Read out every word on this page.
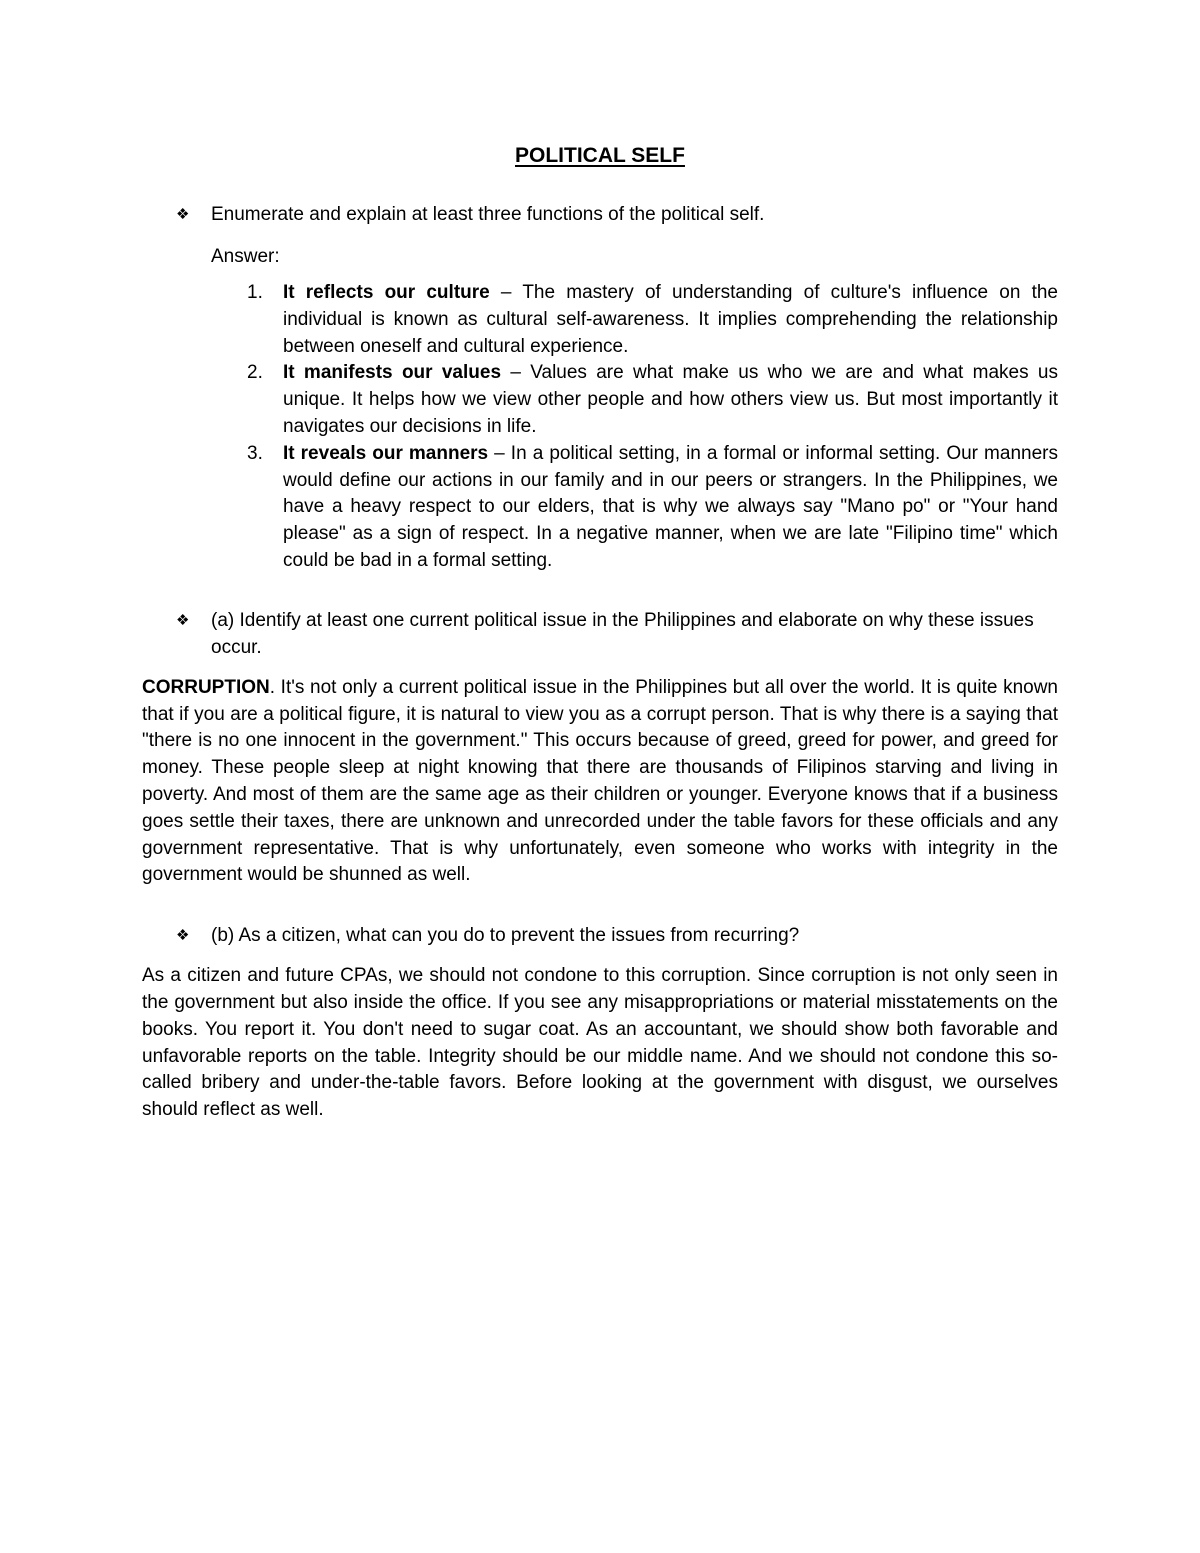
POLITICAL SELF

❖ Enumerate and explain at least three functions of the political self.

Answer:

1. It reflects our culture – The mastery of understanding of culture's influence on the individual is known as cultural self-awareness. It implies comprehending the relationship between oneself and cultural experience.
2. It manifests our values – Values are what make us who we are and what makes us unique. It helps how we view other people and how others view us. But most importantly it navigates our decisions in life.
3. It reveals our manners – In a political setting, in a formal or informal setting. Our manners would define our actions in our family and in our peers or strangers. In the Philippines, we have a heavy respect to our elders, that is why we always say "Mano po" or "Your hand please" as a sign of respect. In a negative manner, when we are late "Filipino time" which could be bad in a formal setting.

❖ (a) Identify at least one current political issue in the Philippines and elaborate on why these issues occur.

CORRUPTION. It's not only a current political issue in the Philippines but all over the world. It is quite known that if you are a political figure, it is natural to view you as a corrupt person. That is why there is a saying that "there is no one innocent in the government." This occurs because of greed, greed for power, and greed for money. These people sleep at night knowing that there are thousands of Filipinos starving and living in poverty. And most of them are the same age as their children or younger. Everyone knows that if a business goes settle their taxes, there are unknown and unrecorded under the table favors for these officials and any government representative. That is why unfortunately, even someone who works with integrity in the government would be shunned as well.

❖ (b) As a citizen, what can you do to prevent the issues from recurring?

As a citizen and future CPAs, we should not condone to this corruption. Since corruption is not only seen in the government but also inside the office. If you see any misappropriations or material misstatements on the books. You report it. You don't need to sugar coat. As an accountant, we should show both favorable and unfavorable reports on the table. Integrity should be our middle name. And we should not condone this so-called bribery and under-the-table favors. Before looking at the government with disgust, we ourselves should reflect as well.
